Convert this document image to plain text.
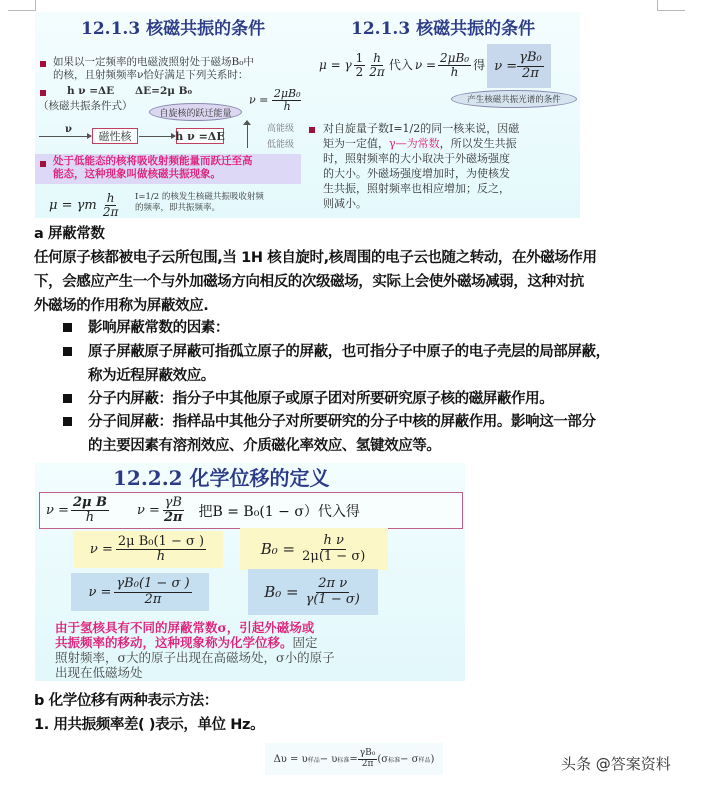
12.1.3 核磁共振的条件
如果以一定频率的电磁波照射处于磁场B₀中
的核，且射频频率ν恰好满足下列关系时：
h ν =ΔE ΔE=2μ B₀
$\nu = \frac{\text{2μB₀}}{h}$
（核磁共振条件式）
自旋核的跃迁能量
ν
磁性核	h ν =ΔE
高能级
低能级
处于低能态的核将吸收射频能量而跃迁至高
能态，这种现象叫做核磁共振现象。
μ = γm $\frac{h}{2\pi} I=1/2$ 的核发生核磁共振吸收射频
的频率，即共振频率。
12.1.3 核磁共振的条件
μ = γ $\frac{1}{2} \frac{h}{2\pi}$ 代入 $\nu = \frac{\text{2μB₀}}{h}$ 得 $\nu = \frac{\text{γB₀}}{2\pi}$
产生核磁共振光谱的条件
对自旋量子数I=1/2的同一核来说，因磁
矩为一定值，γ—为常数，所以发生共振
时，照射频率的大小取决于外磁场强度
的大小。外磁场强度增加时，为使核发
生共振，照射频率也相应增加；反之，
则减小。
a 屏蔽常数
任何原子核都被电子云所包围,当 1H 核自旋时,核周围的电子云也随之转动，在外磁场作用
下，会感应产生一个与外加磁场方向相反的次级磁场，实际上会使外磁场减弱，这种对抗
外磁场的作用称为屏蔽效应.
影响屏蔽常数的因素：
原子屏蔽原子屏蔽可指孤立原子的屏蔽，也可指分子中原子的电子壳层的局部屏蔽，
称为近程屏蔽效应。
分子内屏蔽：指分子中其他原子或原子团对所要研究原子核的磁屏蔽作用。
分子间屏蔽：指样品中其他分子对所要研究的分子中核的屏蔽作用。影响这一部分
的主要因素有溶剂效应、介质磁化率效应、氢键效应等。
12.2.2 化学位移的定义
$\nu = \frac{\text{2μ B}}{h}$ $\nu = \frac{\gamma B}{2\pi}$ 把B = B₀(1 − σ）代入得
$\nu = \frac{\text{2μ B₀(1 − σ )}}{h}$	$B_0 = \frac{\text{h ν}}{2\mu(1 - \sigma)}$
$\nu = \frac{\text{γB₀(1 − σ )}}{2\pi}$	$B_0 = \frac{\text{2π ν}}{\gamma(1 - \sigma)}$
由于氢核具有不同的屏蔽常数σ，引起外磁场或
共振频率的移动，这种现象称为化学位移。固定
照射频率，σ大的原子出现在高磁场处，σ小的原子
出现在低磁场处
b 化学位移有两种表示方法：
1. 用共振频率差( )表示，单位 Hz。
Δυ = υ 样品 − υ 标准 = $\frac{\text{γB₀}}{2\pi} (\sigma$ 标准 − σ 样品 )	头条 @答案资料
